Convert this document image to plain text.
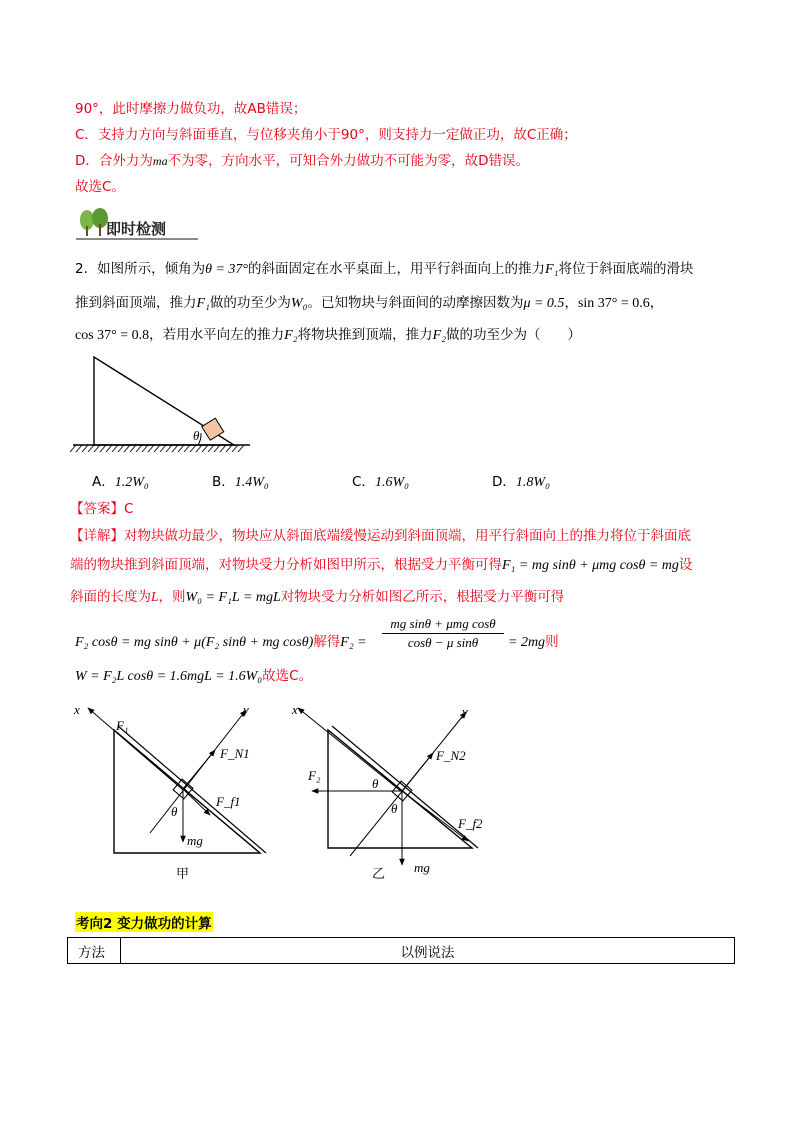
90°，此时摩擦力做负功，故AB错误；
C．支持力方向与斜面垂直，与位移夹角小于90°，则支持力一定做正功，故C正确；
D．合外力为ma不为零，方向水平，可知合外力做功不可能为零，故D错误。
故选C。
即时检测
2．如图所示，倾角为θ = 37°的斜面固定在水平桌面上，用平行斜面向上的推力F₁将位于斜面底端的滑块
推到斜面顶端，推力F₁做的功至少为W₀。已知物块与斜面间的动摩擦因数为μ = 0.5，sin 37° = 0.6，
cos 37° = 0.8，若用水平向左的推力F₂将物块推到顶端，推力F₂做的功至少为（　　）
θ
A．1.2W₀	B．1.4W₀	C．1.6W₀	D．1.8W₀
【答案】C
【详解】对物块做功最少，物块应从斜面底端缓慢运动到斜面顶端，用平行斜面向上的推力将位于斜面底
端的物块推到斜面顶端，对物块受力分析如图甲所示，根据受力平衡可得F₁ = mg sinθ + μmg cosθ = mg设
斜面的长度为L，则W₀ = F₁L = mgL对物块受力分析如图乙所示，根据受力平衡可得
F₂ cosθ = mg sinθ + μ(F₂ sinθ + mg cosθ)解得F₂ =
mg sinθ + μmg cosθ
cosθ − μ sinθ	= 2mg则
W = F₂L cosθ = 1.6mgL = 1.6W₀故选C。
x	y
F₁
F_N1
F_f1
θ
mg
甲
x	y
F_N2
F₂
θ
θ
F_f2
mg
乙
考向2 变力做功的计算
方法	以例说法
